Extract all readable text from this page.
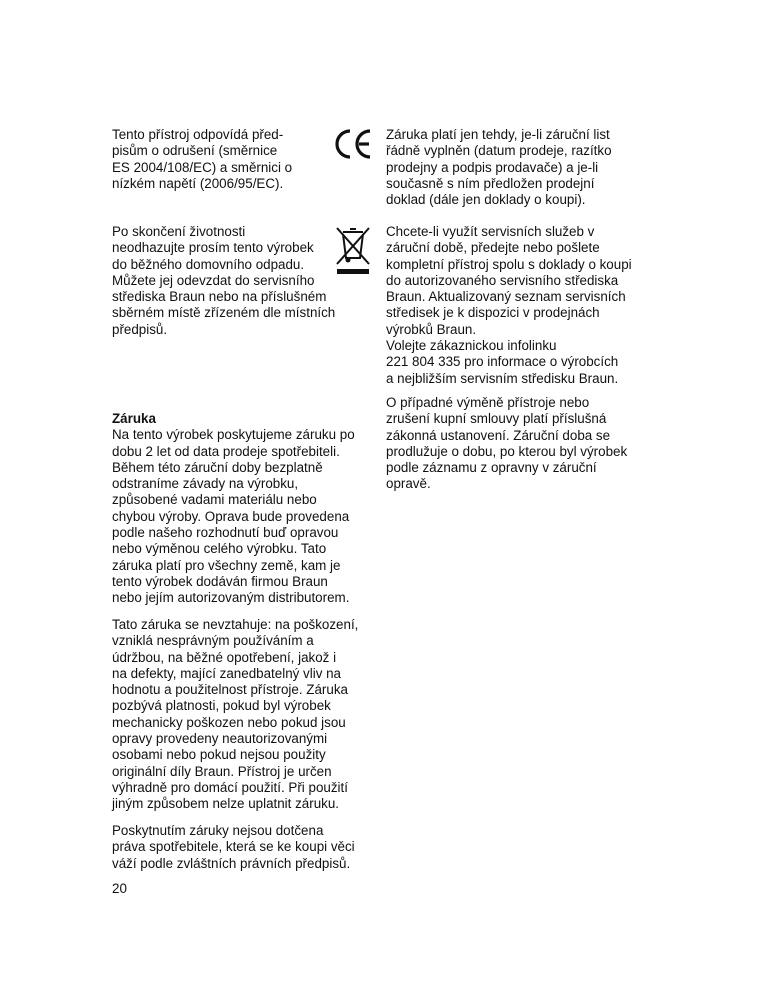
Tento přístroj odpovídá před-
pisům o odrušení (směrnice
ES 2004/108/EC) a směrnici o
nízkém napětí (2006/95/EC).
Po skončení životnosti
neodhazujte prosím tento výrobek
do běžného domovního odpadu.
Můžete jej odevzdat do servisního
střediska Braun nebo na příslušném
sběrném místě zřízeném dle místních
předpisů.
Záruka
Na tento výrobek poskytujeme záruku po
dobu 2 let od data prodeje spotřebiteli.
Během této záruční doby bezplatně
odstraníme závady na výrobku,
způsobené vadami materiálu nebo
chybou výroby. Oprava bude provedena
podle našeho rozhodnutí buď opravou
nebo výměnou celého výrobku. Tato
záruka platí pro všechny země, kam je
tento výrobek dodáván firmou Braun
nebo jejím autorizovaným distributorem.
Tato záruka se nevztahuje: na poškození,
vzniklá nesprávným používáním a
údržbou, na běžné opotřebení, jakož i
na defekty, mající zanedbatelný vliv na
hodnotu a použitelnost přístroje. Záruka
pozbývá platnosti, pokud byl výrobek
mechanicky poškozen nebo pokud jsou
opravy provedeny neautorizovanými
osobami nebo pokud nejsou použity
originální díly Braun. Přístroj je určen
výhradně pro domácí použití. Při použití
jiným způsobem nelze uplatnit záruku.
Poskytnutím záruky nejsou dotčena
práva spotřebitele, která se ke koupi věci
váží podle zvláštních právních předpisů.
20
Záruka platí jen tehdy, je-li záruční list
řádně vyplněn (datum prodeje, razítko
prodejny a podpis prodavače) a je-li
současně s ním předložen prodejní
doklad (dále jen doklady o koupi).
Chcete-li využít servisních služeb v
záruční době, předejte nebo pošlete
kompletní přístroj spolu s doklady o koupi
do autorizovaného servisního střediska
Braun. Aktualizovaný seznam servisních
středisek je k dispozici v prodejnách
výrobků Braun.
Volejte zákaznickou infolinku
221 804 335 pro informace o výrobcích
a nejbližším servisním středisku Braun.
O případné výměně přístroje nebo
zrušení kupní smlouvy platí příslušná
zákonná ustanovení. Záruční doba se
prodlužuje o dobu, po kterou byl výrobek
podle záznamu z opravny v záruční
opravě.
